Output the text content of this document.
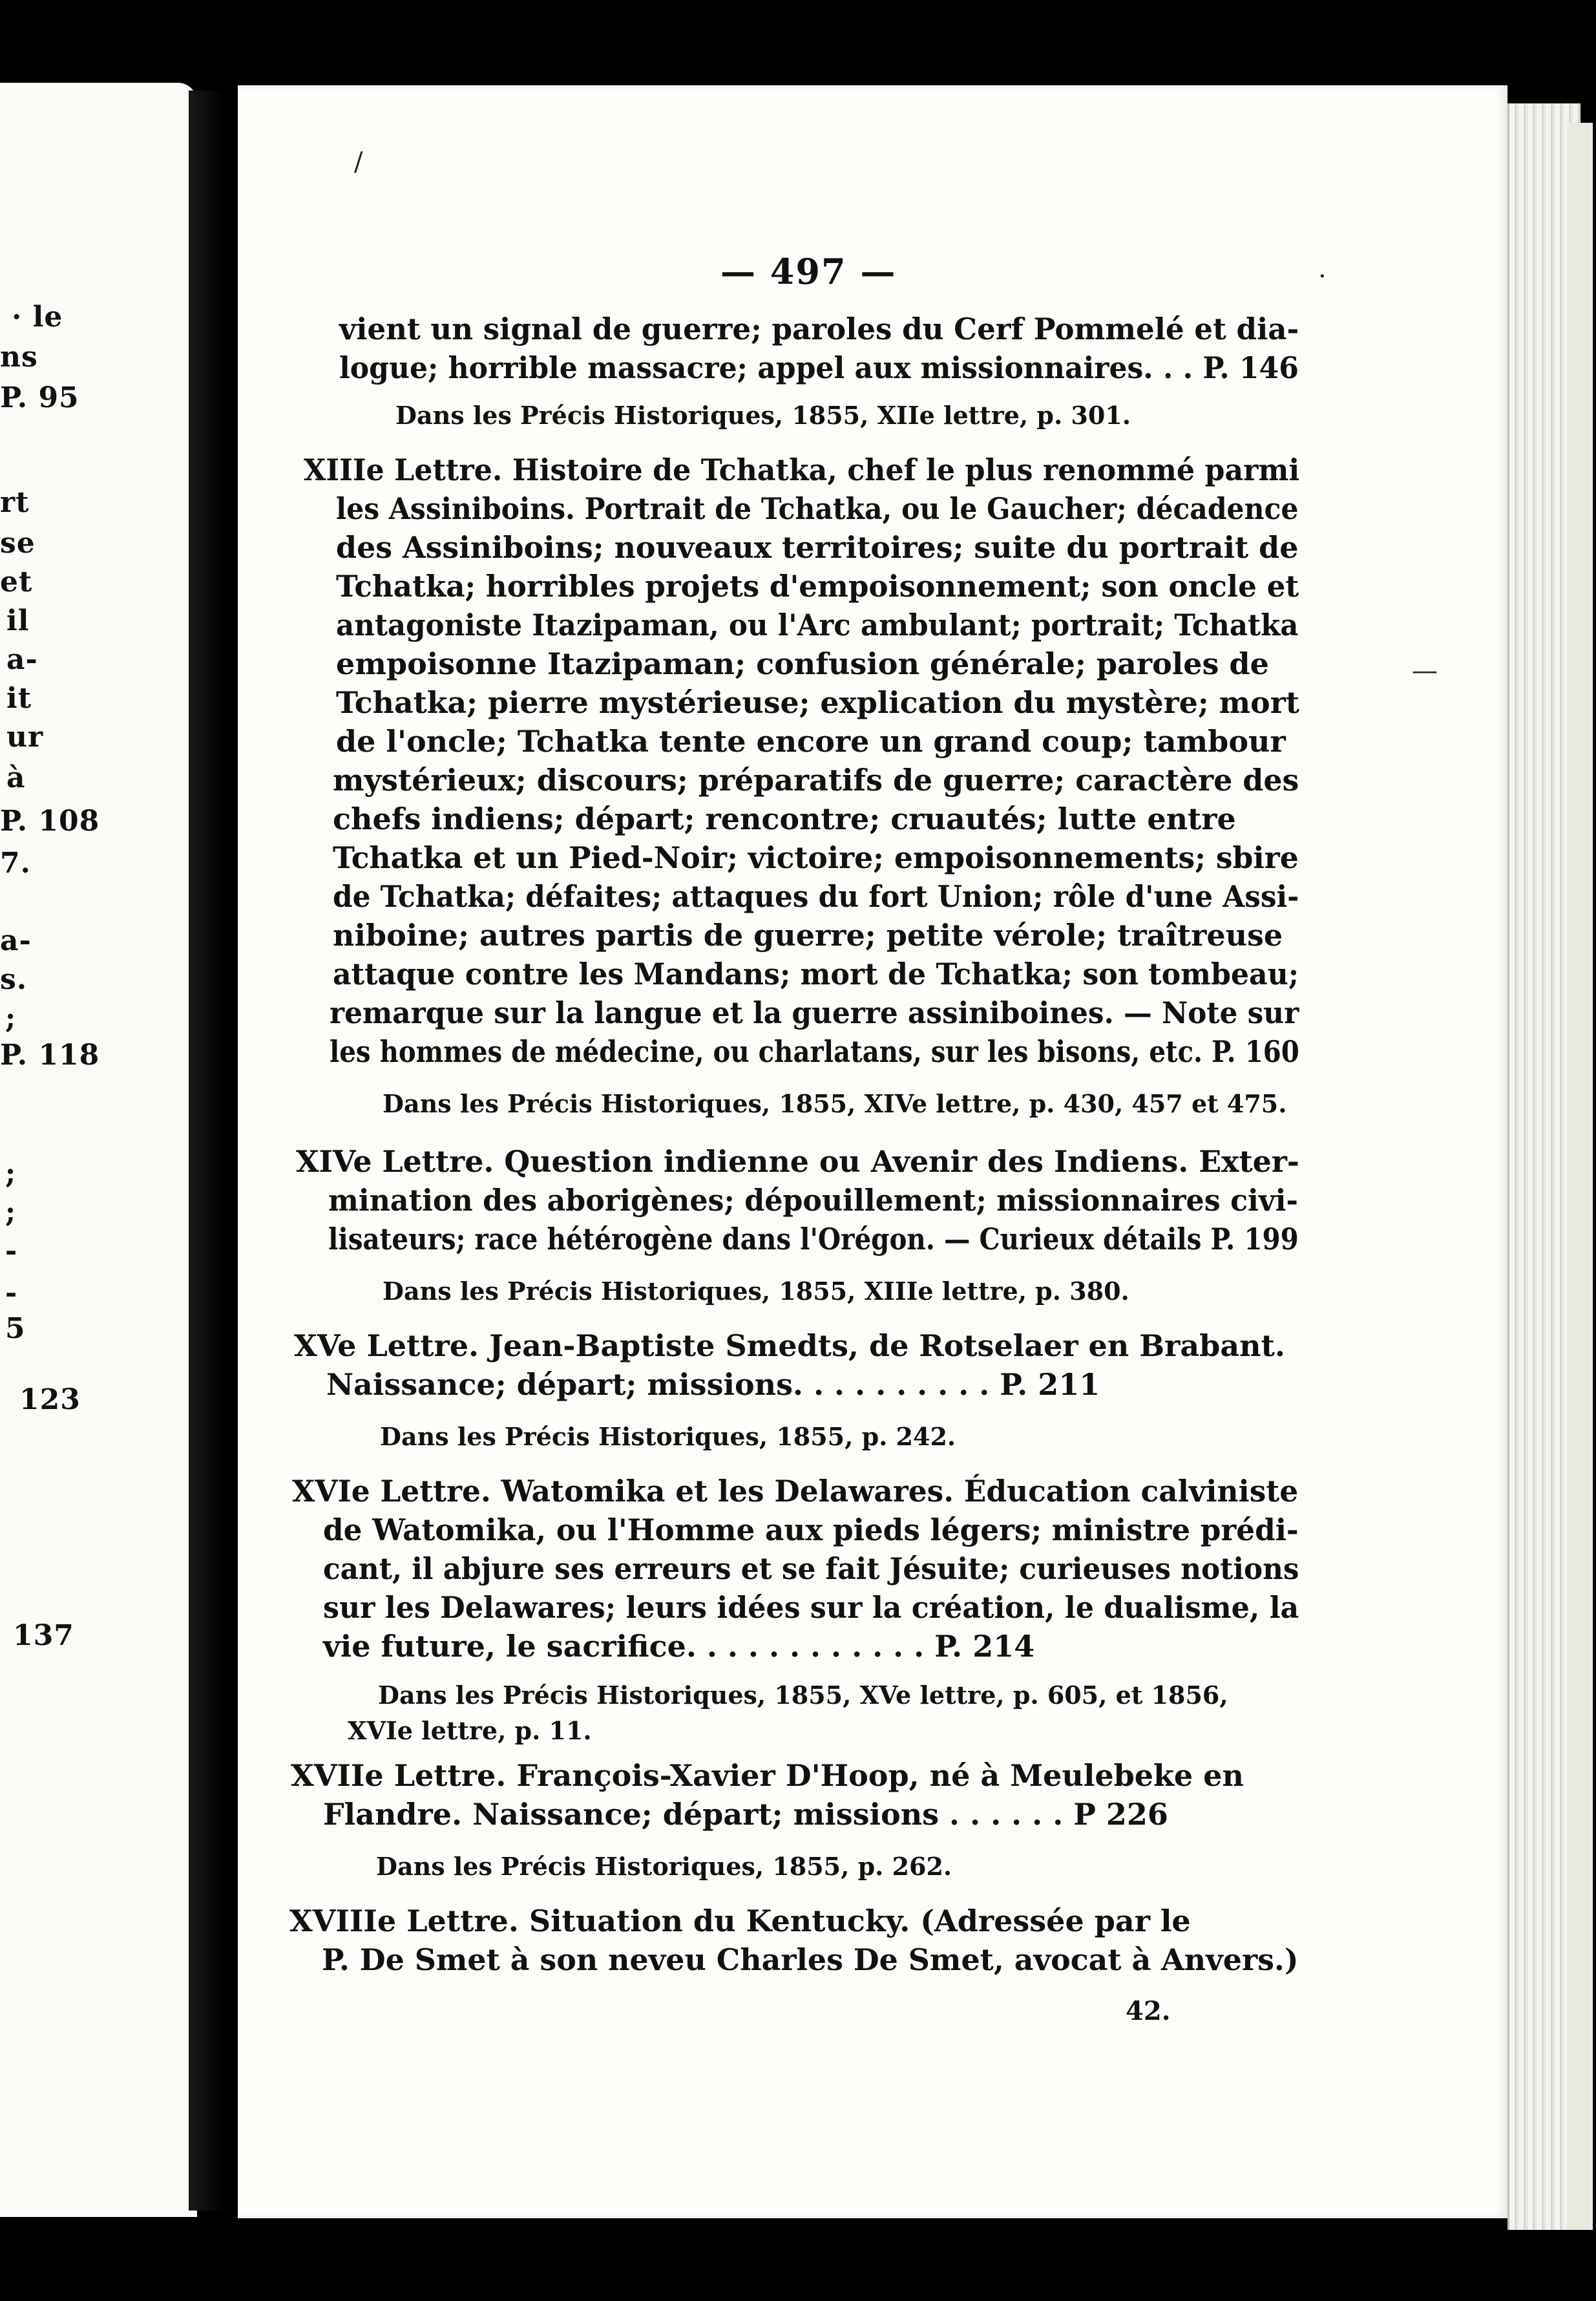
· le
ns
P. 95
rt
se
et
il
a-
it
ur
à
P. 108
7.
a-
s.
;
P. 118
;
;
-
-
5
123
137
/
·
—
— 497 —
vient un signal de guerre; paroles du Cerf Pommelé et dia-
logue; horrible massacre; appel aux missionnaires. . . P. 146
Dans les Précis Historiques, 1855, XIIe lettre, p. 301.
XIIIe Lettre. Histoire de Tchatka, chef le plus renommé parmi
les Assiniboins. Portrait de Tchatka, ou le Gaucher; décadence
des Assiniboins; nouveaux territoires; suite du portrait de
Tchatka; horribles projets d'empoisonnement; son oncle et
antagoniste Itazipaman, ou l'Arc ambulant; portrait; Tchatka
empoisonne Itazipaman; confusion générale; paroles de
Tchatka; pierre mystérieuse; explication du mystère; mort
de l'oncle; Tchatka tente encore un grand coup; tambour
mystérieux; discours; préparatifs de guerre; caractère des
chefs indiens; départ; rencontre; cruautés; lutte entre
Tchatka et un Pied-Noir; victoire; empoisonnements; sbire
de Tchatka; défaites; attaques du fort Union; rôle d'une Assi-
niboine; autres partis de guerre; petite vérole; traîtreuse
attaque contre les Mandans; mort de Tchatka; son tombeau;
remarque sur la langue et la guerre assiniboines. — Note sur
les hommes de médecine, ou charlatans, sur les bisons, etc. P. 160
Dans les Précis Historiques, 1855, XIVe lettre, p. 430, 457 et 475.
XIVe Lettre. Question indienne ou Avenir des Indiens. Exter-
mination des aborigènes; dépouillement; missionnaires civi-
lisateurs; race hétérogène dans l'Orégon. — Curieux détails P. 199
Dans les Précis Historiques, 1855, XIIIe lettre, p. 380.
XVe Lettre. Jean-Baptiste Smedts, de Rotselaer en Brabant.
Naissance; départ; missions. . . . . . . . . . P. 211
Dans les Précis Historiques, 1855, p. 242.
XVIe Lettre. Watomika et les Delawares. Éducation calviniste
de Watomika, ou l'Homme aux pieds légers; ministre prédi-
cant, il abjure ses erreurs et se fait Jésuite; curieuses notions
sur les Delawares; leurs idées sur la création, le dualisme, la
vie future, le sacrifice. . . . . . . . . . . . P. 214
Dans les Précis Historiques, 1855, XVe lettre, p. 605, et 1856,
XVIe lettre, p. 11.
XVIIe Lettre. François-Xavier D'Hoop, né à Meulebeke en
Flandre. Naissance; départ; missions . . . . . . P 226
Dans les Précis Historiques, 1855, p. 262.
XVIIIe Lettre. Situation du Kentucky. (Adressée par le
P. De Smet à son neveu Charles De Smet, avocat à Anvers.)
42.
